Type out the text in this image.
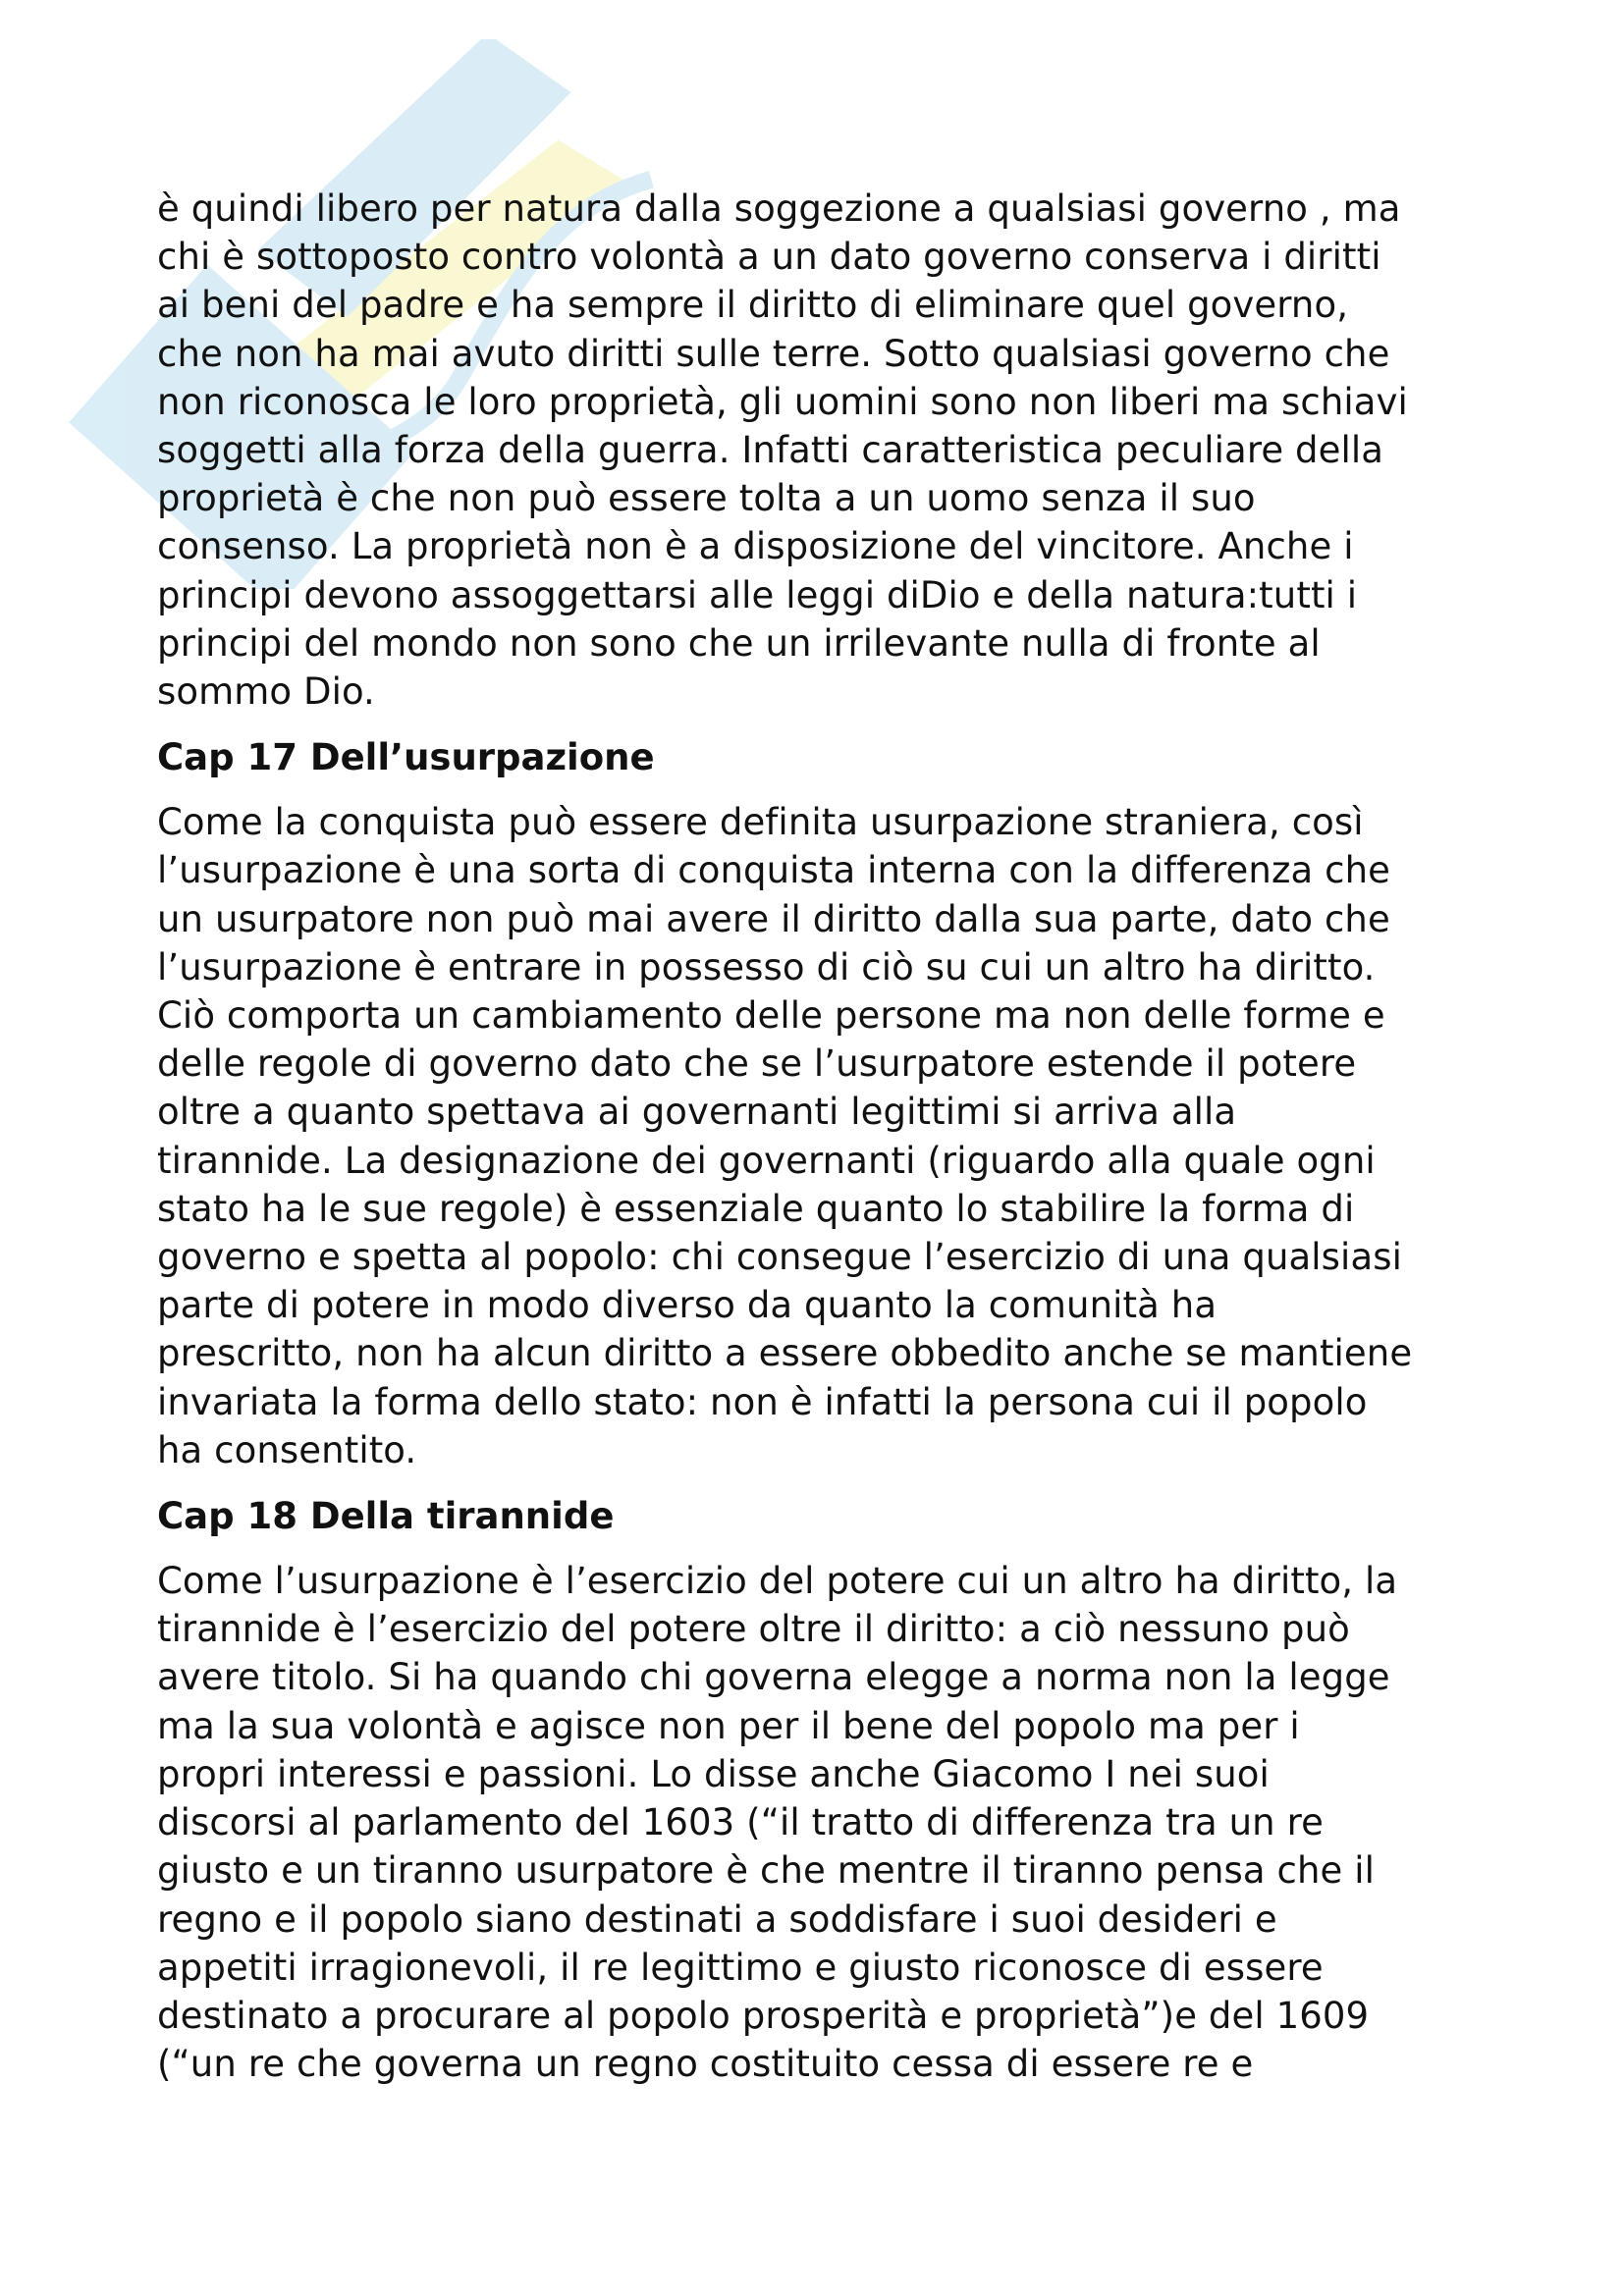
è quindi libero per natura dalla soggezione a qualsiasi governo , ma
chi è sottoposto contro volontà a un dato governo conserva i diritti
ai beni del padre e ha sempre il diritto di eliminare quel governo,
che non ha mai avuto diritti sulle terre. Sotto qualsiasi governo che
non riconosca le loro proprietà, gli uomini sono non liberi ma schiavi
soggetti alla forza della guerra. Infatti caratteristica peculiare della
proprietà è che non può essere tolta a un uomo senza il suo
consenso. La proprietà non è a disposizione del vincitore. Anche i
principi devono assoggettarsi alle leggi diDio e della natura:tutti i
principi del mondo non sono che un irrilevante nulla di fronte al
sommo Dio.

Cap 17 Dell’usurpazione

Come la conquista può essere definita usurpazione straniera, così
l’usurpazione è una sorta di conquista interna con la differenza che
un usurpatore non può mai avere il diritto dalla sua parte, dato che
l’usurpazione è entrare in possesso di ciò su cui un altro ha diritto.
Ciò comporta un cambiamento delle persone ma non delle forme e
delle regole di governo dato che se l’usurpatore estende il potere
oltre a quanto spettava ai governanti legittimi si arriva alla
tirannide. La designazione dei governanti (riguardo alla quale ogni
stato ha le sue regole) è essenziale quanto lo stabilire la forma di
governo e spetta al popolo: chi consegue l’esercizio di una qualsiasi
parte di potere in modo diverso da quanto la comunità ha
prescritto, non ha alcun diritto a essere obbedito anche se mantiene
invariata la forma dello stato: non è infatti la persona cui il popolo
ha consentito.

Cap 18 Della tirannide

Come l’usurpazione è l’esercizio del potere cui un altro ha diritto, la
tirannide è l’esercizio del potere oltre il diritto: a ciò nessuno può
avere titolo. Si ha quando chi governa elegge a norma non la legge
ma la sua volontà e agisce non per il bene del popolo ma per i
propri interessi e passioni. Lo disse anche Giacomo I nei suoi
discorsi al parlamento del 1603 (“il tratto di differenza tra un re
giusto e un tiranno usurpatore è che mentre il tiranno pensa che il
regno e il popolo siano destinati a soddisfare i suoi desideri e
appetiti irragionevoli, il re legittimo e giusto riconosce di essere
destinato a procurare al popolo prosperità e proprietà”)e del 1609
(“un re che governa un regno costituito cessa di essere re e
